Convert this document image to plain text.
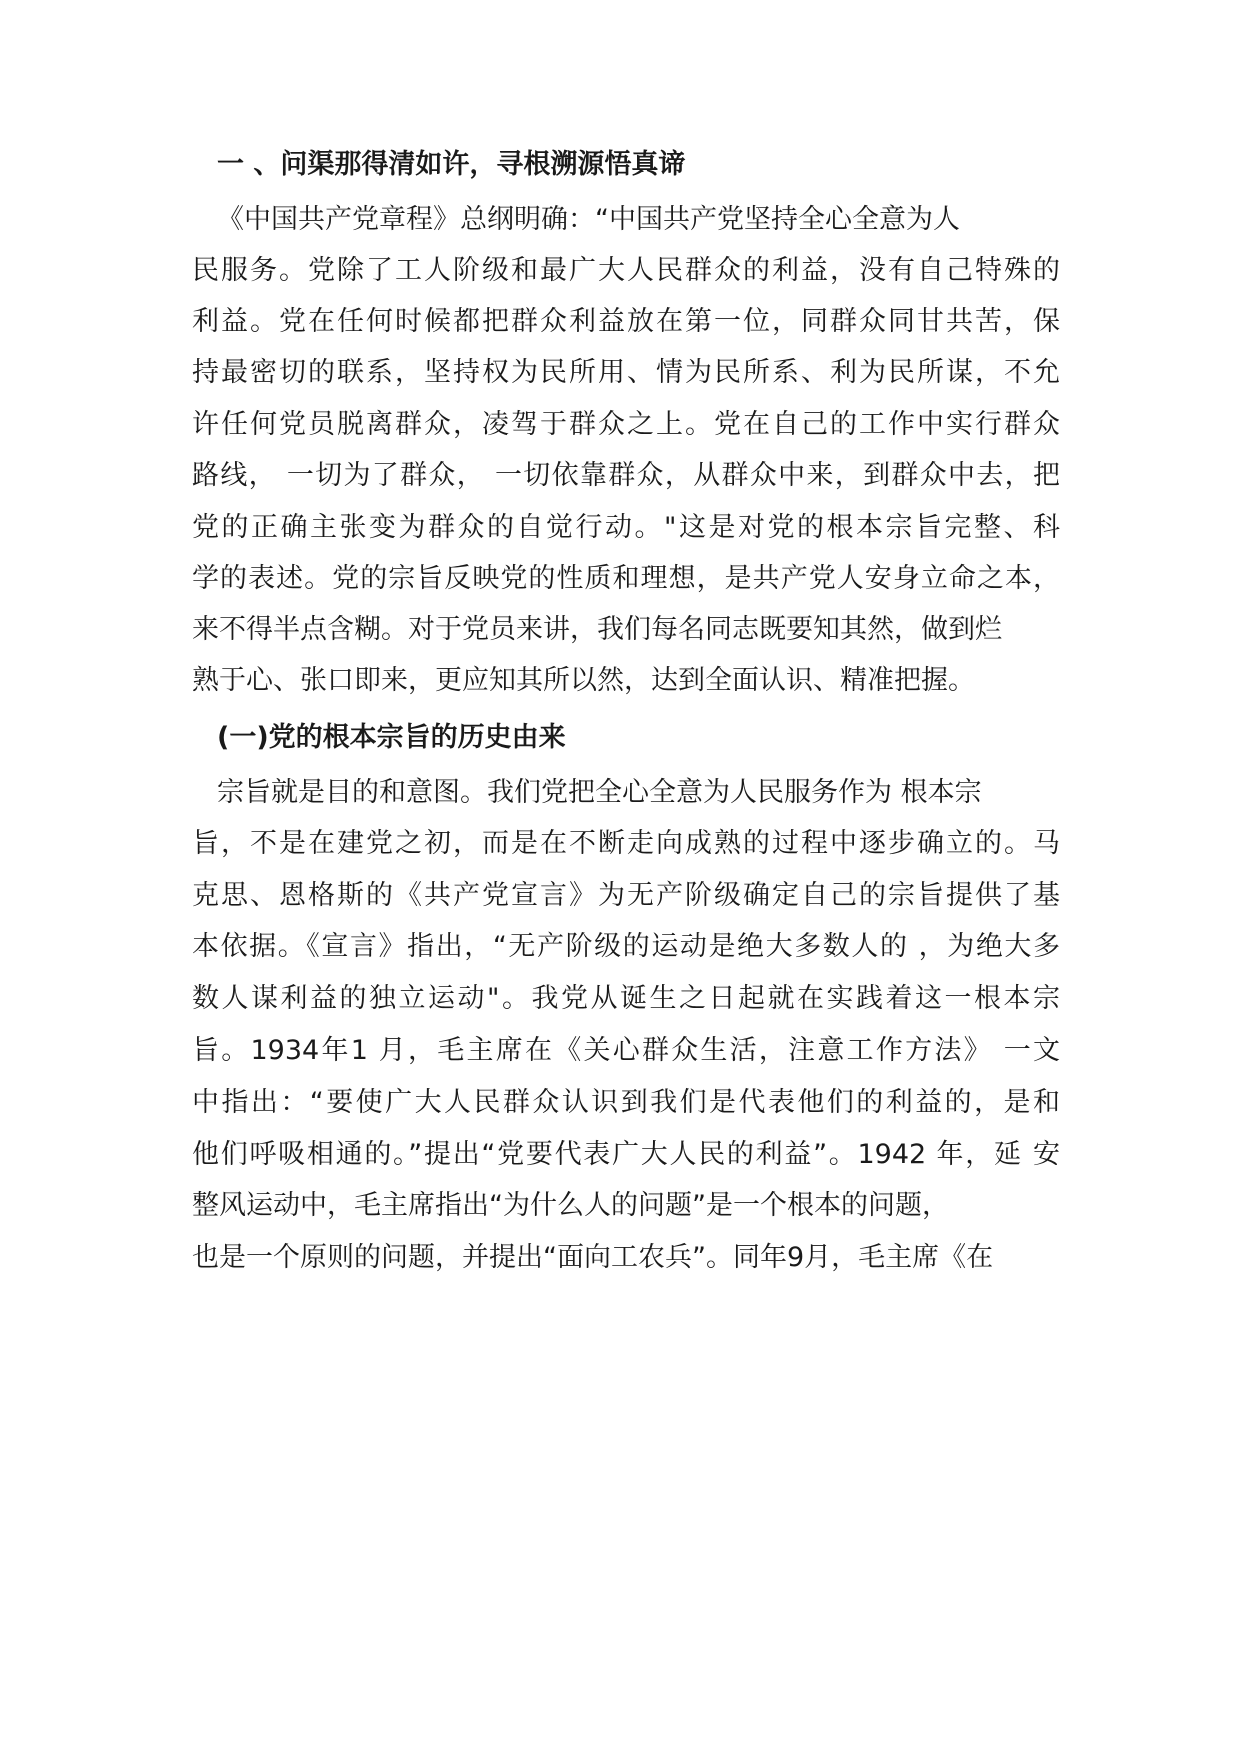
一 、问渠那得清如许，寻根溯源悟真谛
《中国共产党章程》总纲明确：“中国共产党坚持全心全意为人
民服务。党除了工人阶级和最广大人民群众的利益，没有自己特殊的
利益。党在任何时候都把群众利益放在第一位，同群众同甘共苦，保
持最密切的联系，坚持权为民所用、情为民所系、利为民所谋，不允
许任何党员脱离群众，凌驾于群众之上。党在自己的工作中实行群众
路线， 一切为了群众， 一切依靠群众，从群众中来，到群众中去，把
党的正确主张变为群众的自觉行动。"这是对党的根本宗旨完整、科
学的表述。党的宗旨反映党的性质和理想，是共产党人安身立命之本，
来不得半点含糊。对于党员来讲，我们每名同志既要知其然，做到烂
熟于心、张口即来，更应知其所以然，达到全面认识、精准把握。
(一)党的根本宗旨的历史由来
宗旨就是目的和意图。我们党把全心全意为人民服务作为 根本宗
旨，不是在建党之初，而是在不断走向成熟的过程中逐步确立的。马
克思、恩格斯的《共产党宣言》为无产阶级确定自己的宗旨提供了基
本依据。《宣言》指出，“无产阶级的运动是绝大多数人的 ，为绝大多
数人谋利益的独立运动"。我党从诞生之日起就在实践着这一根本宗
旨。1934年1 月，毛主席在《关心群众生活，注意工作方法》 一文
中指出：“要使广大人民群众认识到我们是代表他们的利益的，是和
他们呼吸相通的。”提出“党要代表广大人民的利益”。1942 年，延 安
整风运动中，毛主席指出“为什么人的问题”是一个根本的问题，
也是一个原则的问题，并提出“面向工农兵”。同年9月，毛主席《在
